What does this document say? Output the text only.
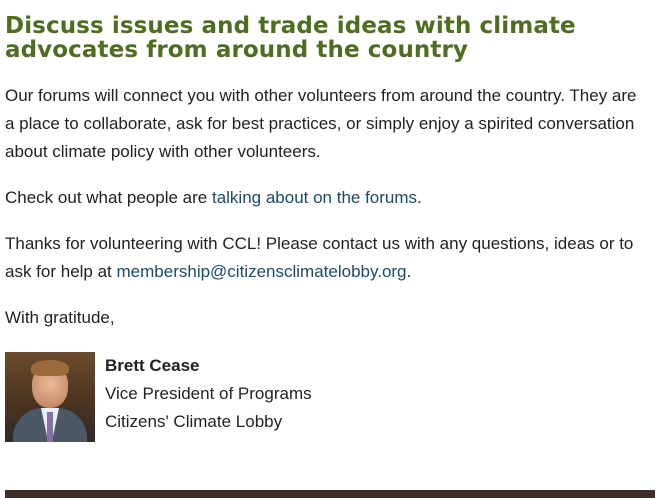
Discuss issues and trade ideas with climate advocates from around the country

Our forums will connect you with other volunteers from around the country. They are a place to collaborate, ask for best practices, or simply enjoy a spirited conversation about climate policy with other volunteers.

Check out what people are talking about on the forums.

Thanks for volunteering with CCL! Please contact us with any questions, ideas or to ask for help at membership@citizensclimatelobby.org.

With gratitude,

Brett Cease
Vice President of Programs
Citizens' Climate Lobby
